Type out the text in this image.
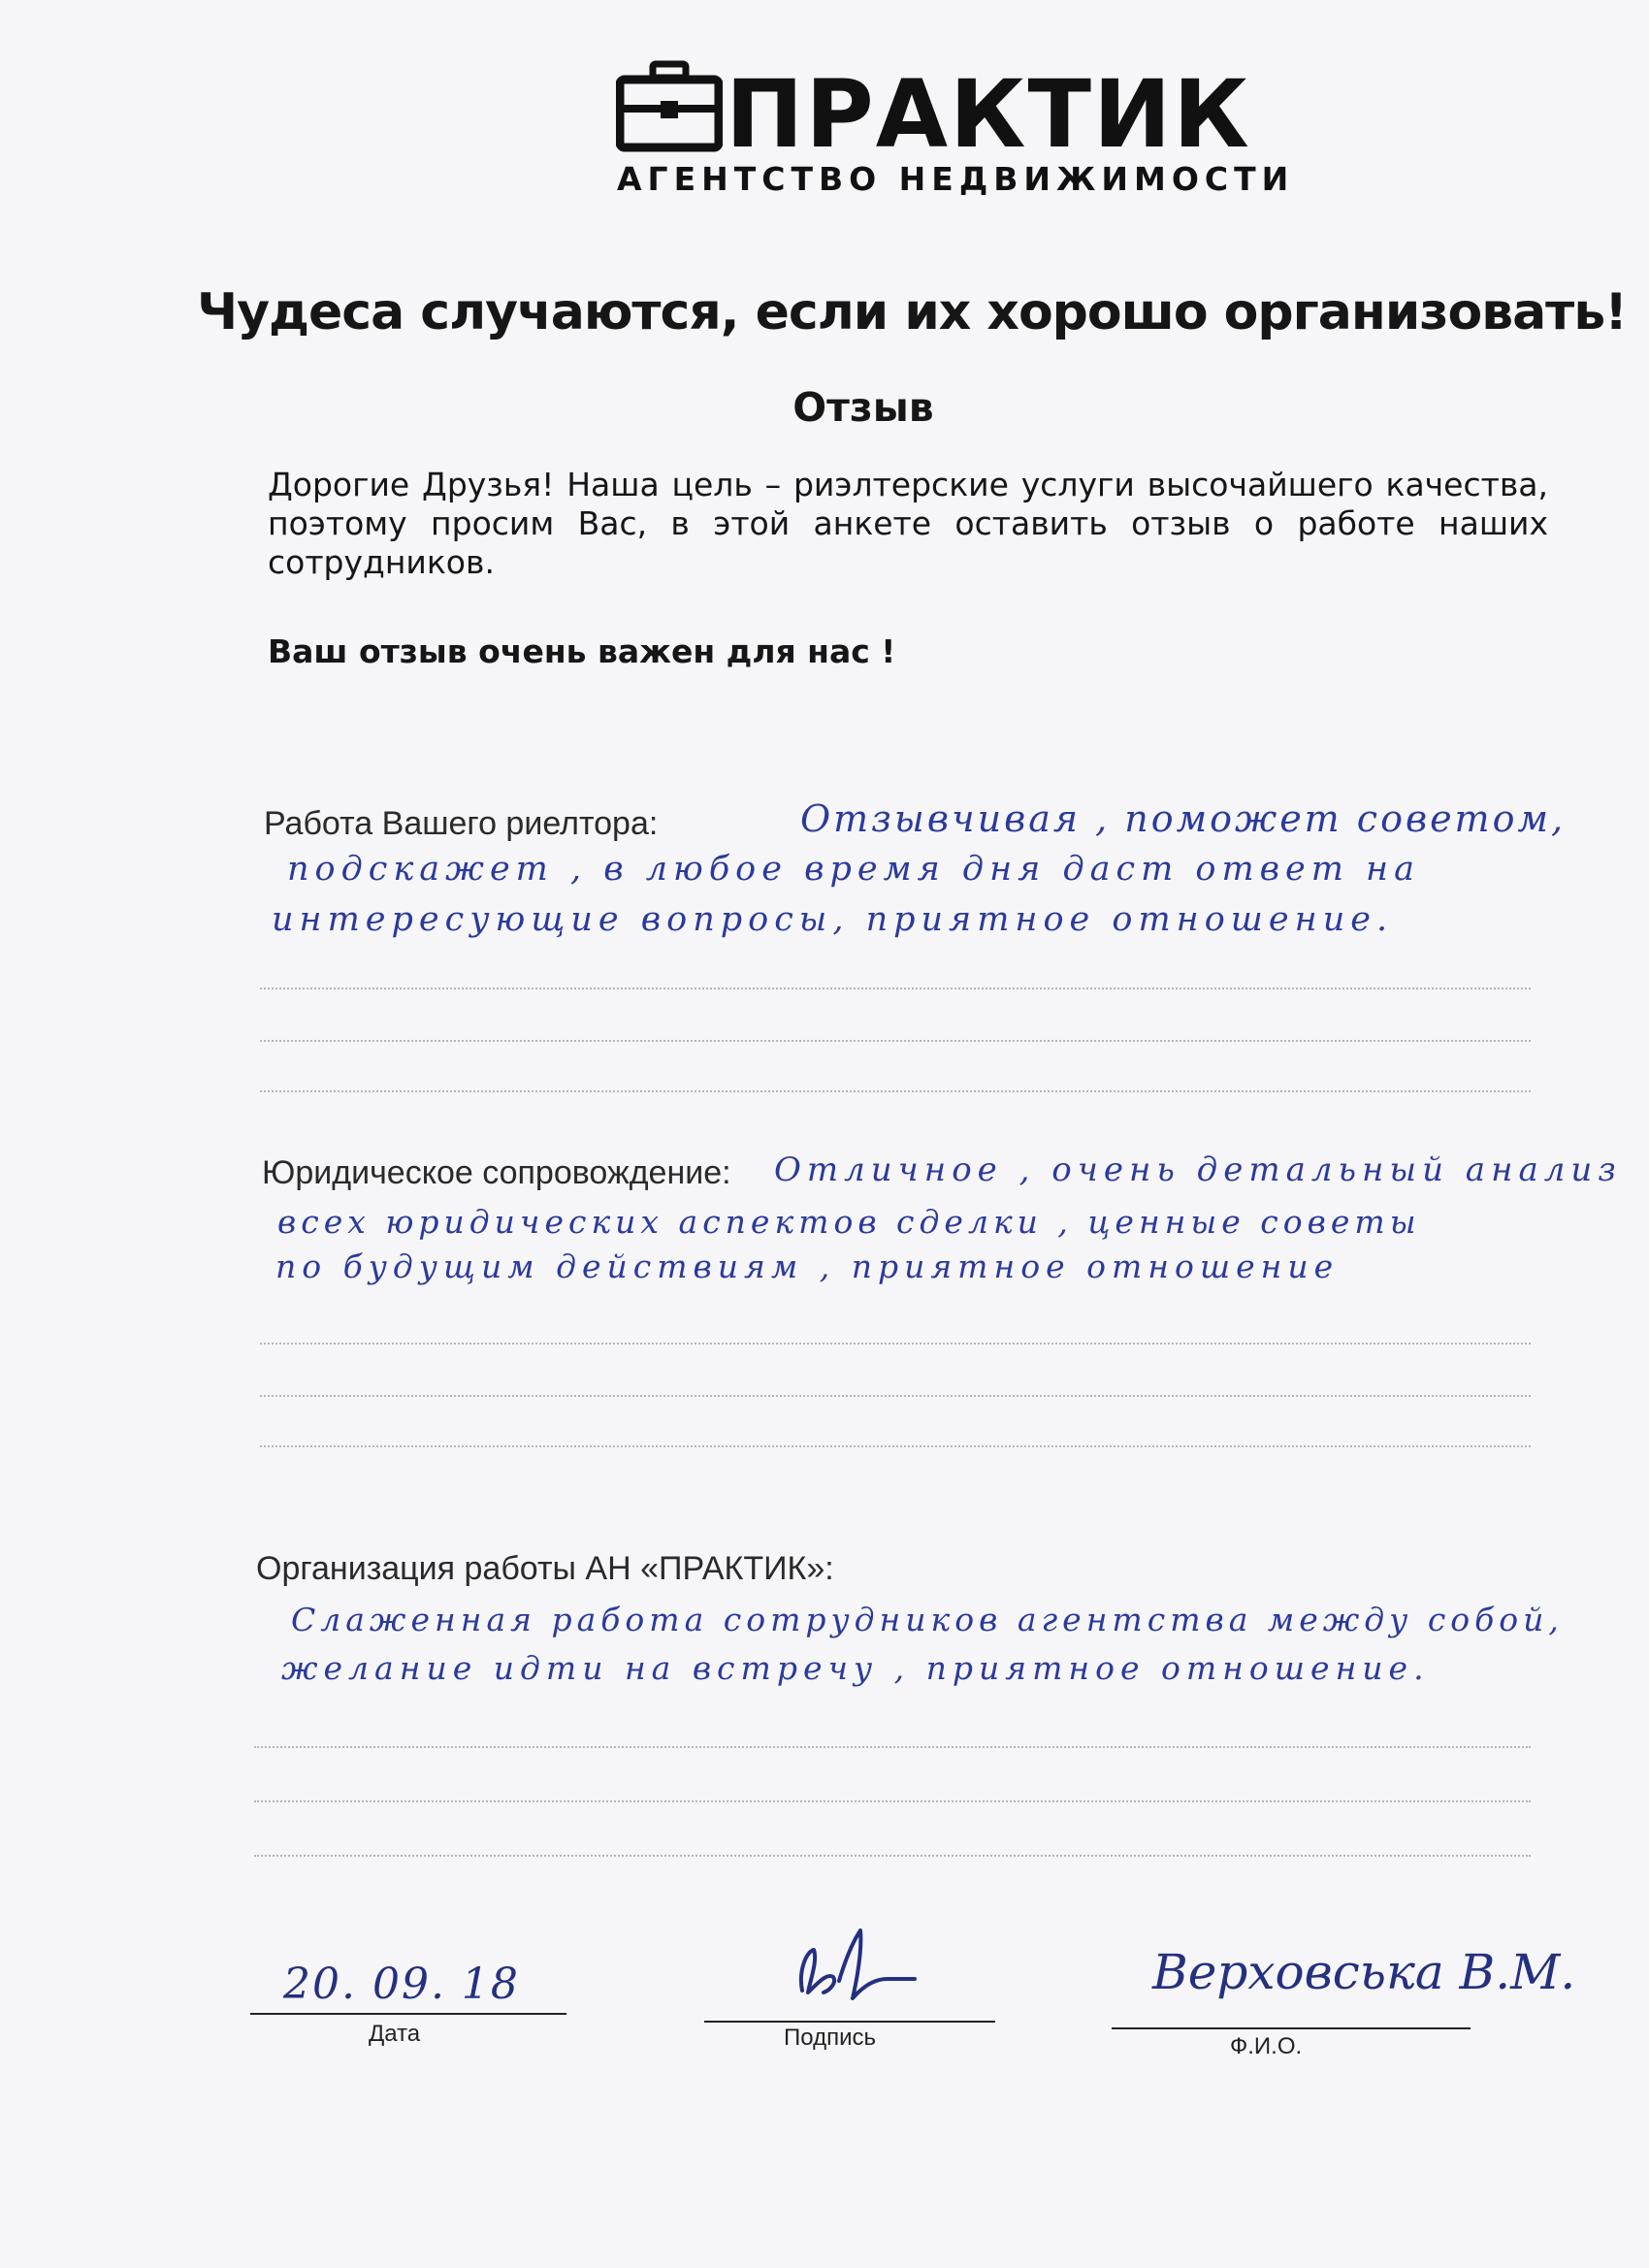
ПРАКТИК
АГЕНТСТВО НЕДВИЖИМОСТИ
Чудеса случаются, если их хорошо организовать!
Отзыв
Дорогие Друзья! Наша цель – риэлтерские услуги высочайшего качества, поэтому просим Вас, в этой анкете оставить отзыв о работе наших сотрудников.
Ваш отзыв очень важен для нас !
Работа Вашего риелтора:	Отзывчивая , поможет советом,
подскажет , в любое время дня даст ответ на
интересующие вопросы, приятное отношение.
Юридическое сопровождение: Отличное , очень детальный анализ
всех юридических аспектов сделки , ценные советы
по будущим действиям , приятное отношение
Организация работы АН «ПРАКТИК»:
Слаженная работа сотрудников агентства между собой,
желание идти на встречу , приятное отношение.
20. 09. 18
Дата	Подпись
Верховська В.М.
Ф.И.О.
